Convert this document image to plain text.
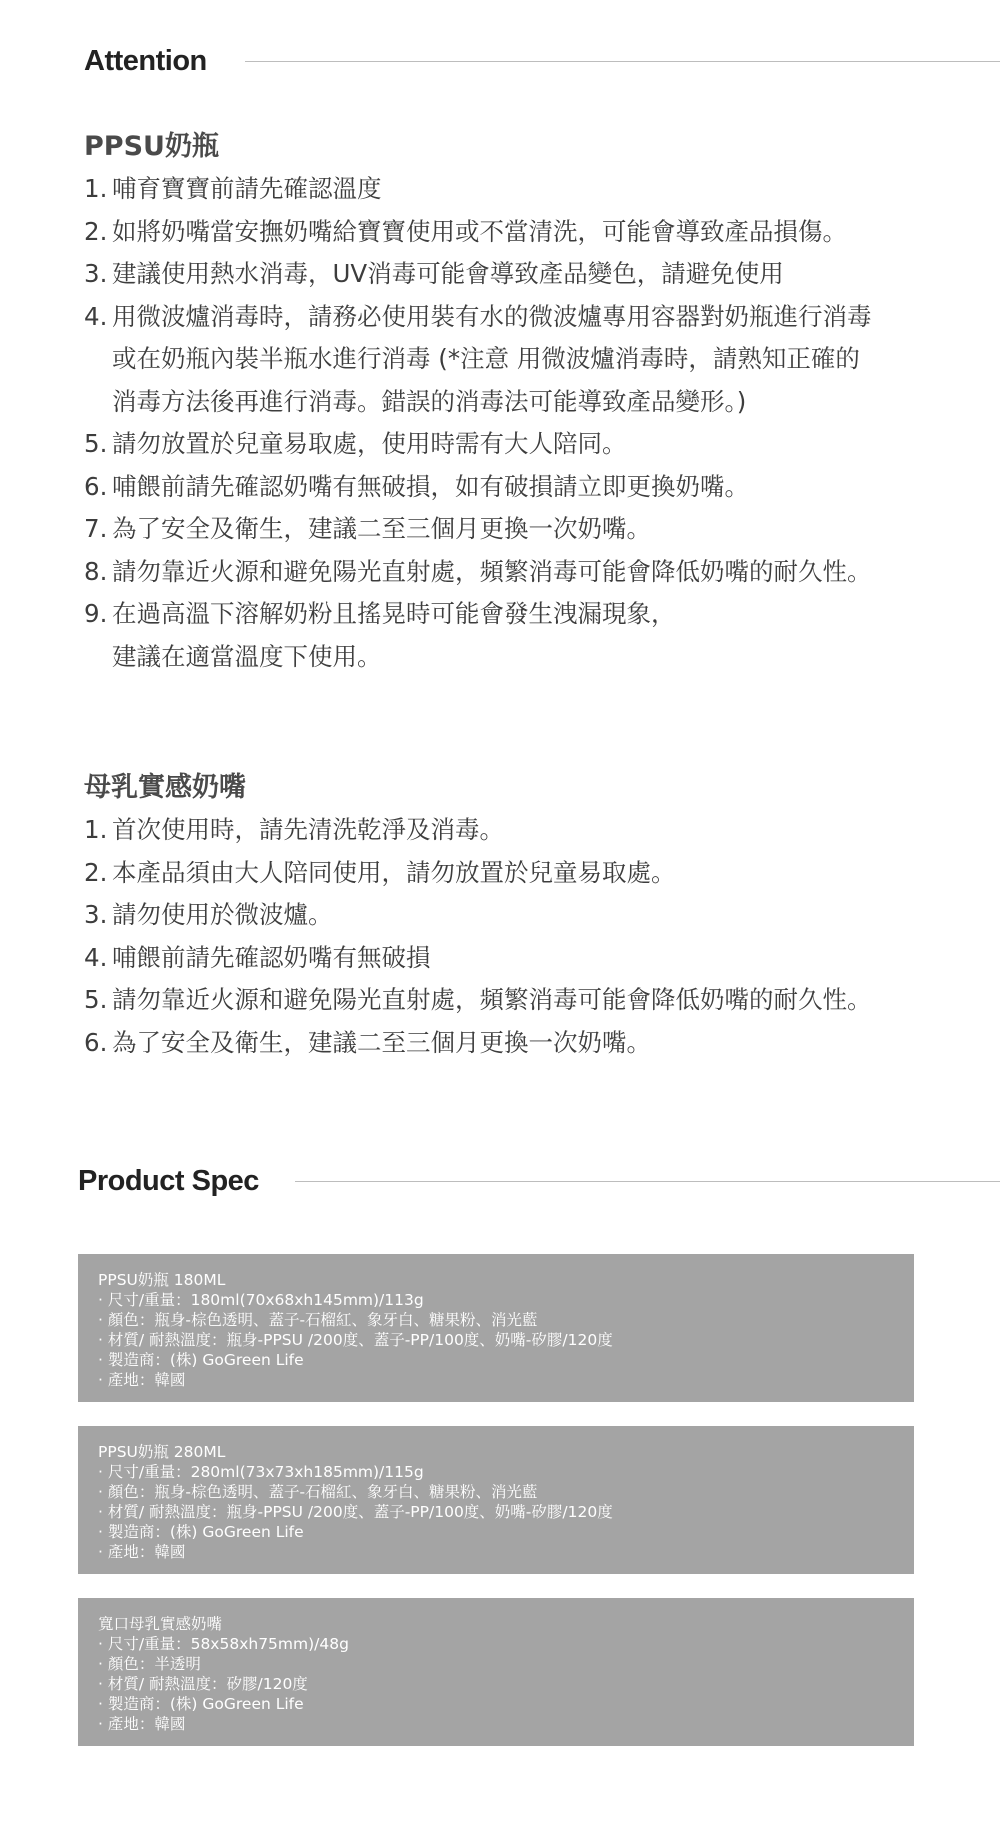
Attention
PPSU奶瓶
1. 哺育寶寶前請先確認溫度
2. 如將奶嘴當安撫奶嘴給寶寶使用或不當清洗，可能會導致產品損傷。
3. 建議使用熱水消毒，UV消毒可能會導致產品變色，請避免使用
4. 用微波爐消毒時，請務必使用裝有水的微波爐專用容器對奶瓶進行消毒
或在奶瓶內裝半瓶水進行消毒 (*注意 用微波爐消毒時，請熟知正確的
消毒方法後再進行消毒。錯誤的消毒法可能導致產品變形。)
5. 請勿放置於兒童易取處，使用時需有大人陪同。
6. 哺餵前請先確認奶嘴有無破損，如有破損請立即更換奶嘴。
7. 為了安全及衛生，建議二至三個月更換一次奶嘴。
8. 請勿靠近火源和避免陽光直射處，頻繁消毒可能會降低奶嘴的耐久性。
9. 在過高溫下溶解奶粉且搖晃時可能會發生洩漏現象，
建議在適當溫度下使用。
母乳實感奶嘴
1. 首次使用時，請先清洗乾淨及消毒。
2. 本產品須由大人陪同使用，請勿放置於兒童易取處。
3. 請勿使用於微波爐。
4. 哺餵前請先確認奶嘴有無破損
5. 請勿靠近火源和避免陽光直射處，頻繁消毒可能會降低奶嘴的耐久性。
6. 為了安全及衛生，建議二至三個月更換一次奶嘴。
Product Spec
PPSU奶瓶 180ML
· 尺寸/重量：180ml(70x68xh145mm)/113g
· 顏色：瓶身-棕色透明、蓋子-石榴紅、象牙白、糖果粉、消光藍
· 材質/ 耐熱溫度：瓶身-PPSU /200度、蓋子-PP/100度、奶嘴-矽膠/120度
· 製造商：(株) GoGreen Life
· 產地：韓國
PPSU奶瓶 280ML
· 尺寸/重量：280ml(73x73xh185mm)/115g
· 顏色：瓶身-棕色透明、蓋子-石榴紅、象牙白、糖果粉、消光藍
· 材質/ 耐熱溫度：瓶身-PPSU /200度、蓋子-PP/100度、奶嘴-矽膠/120度
· 製造商：(株) GoGreen Life
· 產地：韓國
寬口母乳實感奶嘴
· 尺寸/重量：58x58xh75mm)/48g
· 顏色：半透明
· 材質/ 耐熱溫度：矽膠/120度
· 製造商：(株) GoGreen Life
· 產地：韓國
